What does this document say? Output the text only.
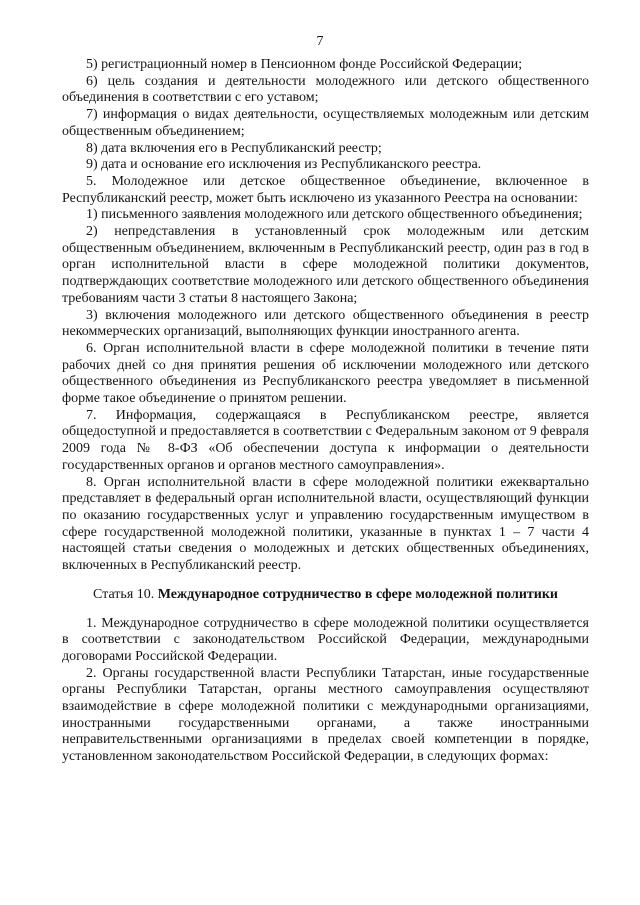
7

5) регистрационный номер в Пенсионном фонде Российской Федерации;

6) цель создания и деятельности молодежного или детского общественного объединения в соответствии с его уставом;

7) информация о видах деятельности, осуществляемых молодежным или детским общественным объединением;

8) дата включения его в Республиканский реестр;

9) дата и основание его исключения из Республиканского реестра.

5. Молодежное или детское общественное объединение, включенное в Республиканский реестр, может быть исключено из указанного Реестра на основании:

1) письменного заявления молодежного или детского общественного объединения;

2) непредставления в установленный срок молодежным или детским общественным объединением, включенным в Республиканский реестр, один раз в год в орган исполнительной власти в сфере молодежной политики документов, подтверждающих соответствие молодежного или детского общественного объединения требованиям части 3 статьи 8 настоящего Закона;

3) включения молодежного или детского общественного объединения в реестр некоммерческих организаций, выполняющих функции иностранного агента.

6. Орган исполнительной власти в сфере молодежной политики в течение пяти рабочих дней со дня принятия решения об исключении молодежного или детского общественного объединения из Республиканского реестра уведомляет в письменной форме такое объединение о принятом решении.

7. Информация, содержащаяся в Республиканском реестре, является общедоступной и предоставляется в соответствии с Федеральным законом от 9 февраля 2009 года № 8-ФЗ «Об обеспечении доступа к информации о деятельности государственных органов и органов местного самоуправления».

8. Орган исполнительной власти в сфере молодежной политики ежеквартально представляет в федеральный орган исполнительной власти, осуществляющий функции по оказанию государственных услуг и управлению государственным имуществом в сфере государственной молодежной политики, указанные в пунктах 1 – 7 части 4 настоящей статьи сведения о молодежных и детских общественных объединениях, включенных в Республиканский реестр.

Статья 10. Международное сотрудничество в сфере молодежной политики

1. Международное сотрудничество в сфере молодежной политики осуществляется в соответствии с законодательством Российской Федерации, международными договорами Российской Федерации.

2. Органы государственной власти Республики Татарстан, иные государственные органы Республики Татарстан, органы местного самоуправления осуществляют взаимодействие в сфере молодежной политики с международными организациями, иностранными государственными органами, а также иностранными неправительственными организациями в пределах своей компетенции в порядке, установленном законодательством Российской Федерации, в следующих формах:
